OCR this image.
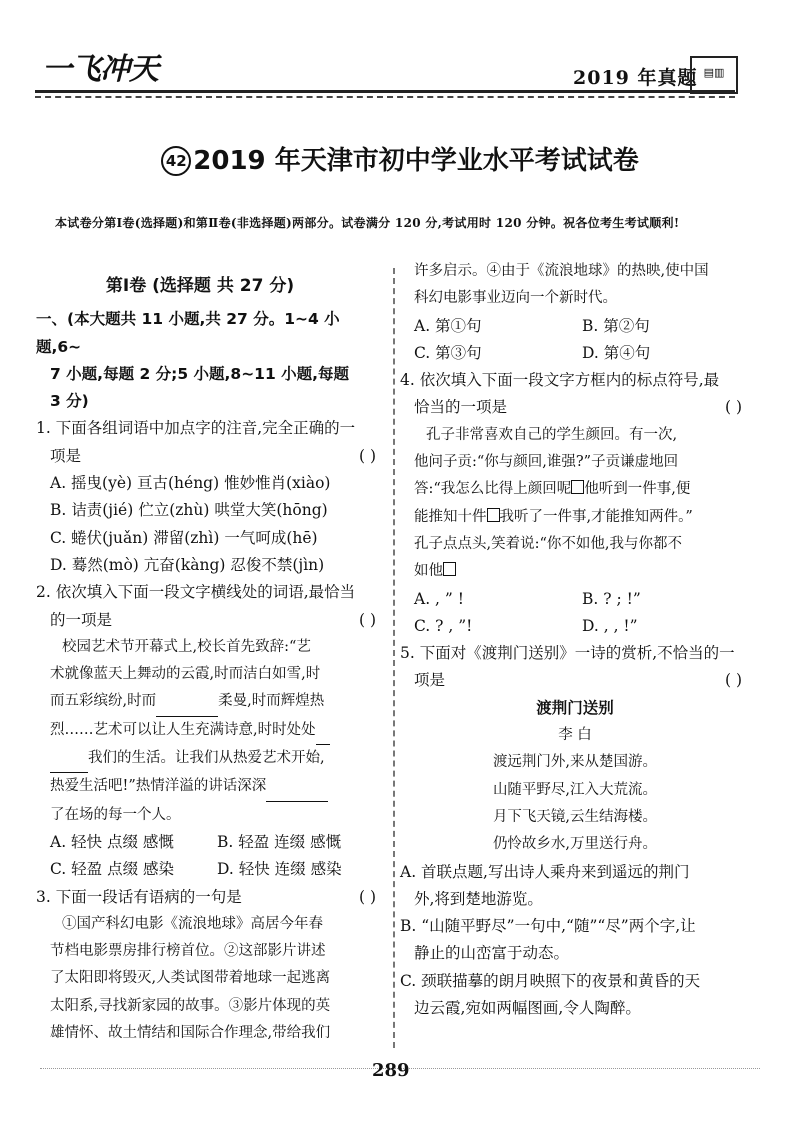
一飞冲天	2019 年真题 ▤▥
42 2019 年天津市初中学业水平考试试卷
本试卷分第Ⅰ卷(选择题)和第Ⅱ卷(非选择题)两部分。试卷满分 120 分,考试用时 120 分钟。祝各位考生考试顺利!

第Ⅰ卷 (选择题 共 27 分)

一、(本大题共 11 小题,共 27 分。1~4 小题,6~

7 小题,每题 2 分;5 小题,8~11 小题,每题

3 分)

1. 下面各组词语中加点字的注音,完全正确的一

项是	( )

A. 摇曳(yè) 亘古(héng) 惟妙惟肖(xiào)

B. 诘责(jié) 伫立(zhù) 哄堂大笑(hōng)

C. 蜷伏(juǎn) 滞留(zhì) 一气呵成(hē)

D. 蓦然(mò) 亢奋(kàng) 忍俊不禁(jìn)

2. 依次填入下面一段文字横线处的词语,最恰当

的一项是	( )

校园艺术节开幕式上,校长首先致辞:“艺

术就像蓝天上舞动的云霞,时而洁白如雪,时

而五彩缤纷,时而	柔曼,时而辉煌热

烈……艺术可以让人生充满诗意,时时处处

我们的生活。让我们从热爱艺术开始,

热爱生活吧!”热情洋溢的讲话深深

了在场的每一个人。

A. 轻快 点缀 感慨	B. 轻盈 连缀 感慨

C. 轻盈 点缀 感染	D. 轻快 连缀 感染

3. 下面一段话有语病的一句是	( )

①国产科幻电影《流浪地球》高居今年春

节档电影票房排行榜首位。②这部影片讲述

了太阳即将毁灭,人类试图带着地球一起逃离

太阳系,寻找新家园的故事。③影片体现的英

雄情怀、故土情结和国际合作理念,带给我们

许多启示。④由于《流浪地球》的热映,使中国

科幻电影事业迈向一个新时代。

A. 第①句	B. 第②句

C. 第③句	D. 第④句

4. 依次填入下面一段文字方框内的标点符号,最

恰当的一项是	( )

孔子非常喜欢自己的学生颜回。有一次,

他问子贡:“你与颜回,谁强?”子贡谦虚地回

答:“我怎么比得上颜回呢 他听到一件事,便

能推知十件 我听了一件事,才能推知两件。”

孔子点点头,笑着说:“你不如他,我与你都不

如他

A. , ” !	B. ? ; !”

C. ? , ”!	D. , , !”

5. 下面对《渡荆门送别》一诗的赏析,不恰当的一

项是	( )

渡荆门送别

李 白

渡远荆门外,来从楚国游。

山随平野尽,江入大荒流。

月下飞天镜,云生结海楼。

仍怜故乡水,万里送行舟。

A. 首联点题,写出诗人乘舟来到遥远的荆门

外,将到楚地游览。

B. “山随平野尽”一句中,“随”“尽”两个字,让

静止的山峦富于动态。

C. 颈联描摹的朗月映照下的夜景和黄昏的天

边云霞,宛如两幅图画,令人陶醉。

289
